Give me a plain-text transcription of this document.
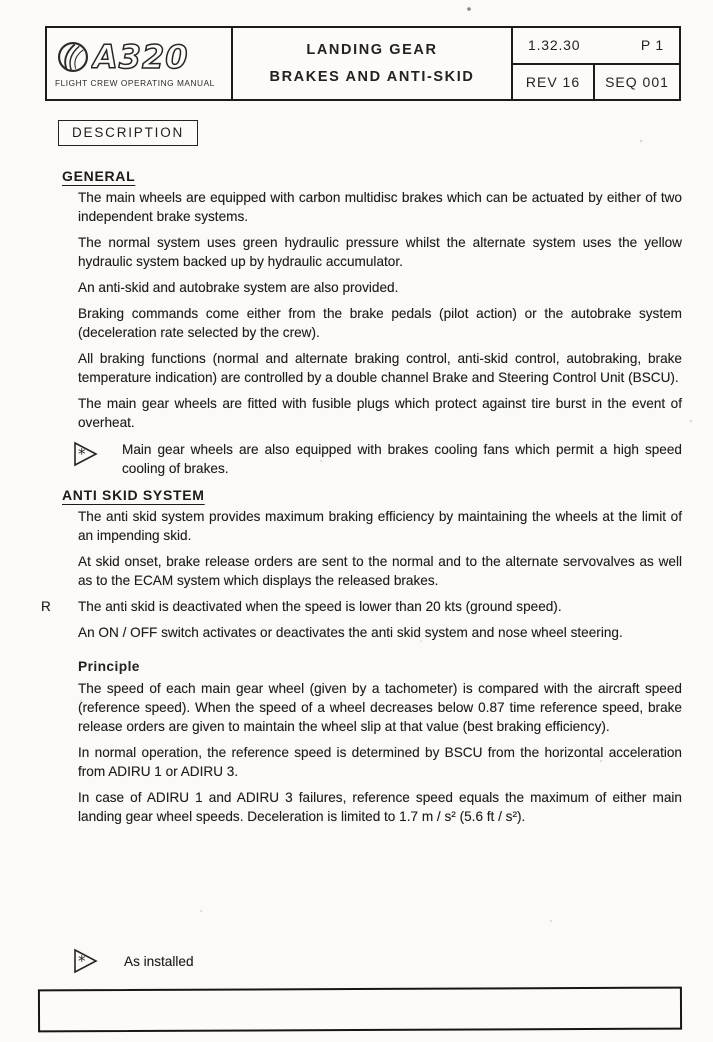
A320
FLIGHT CREW OPERATING MANUAL
LANDING GEAR
BRAKES AND ANTI-SKID
1.32.30	P 1
REV 16	SEQ 001
DESCRIPTION
GENERAL

The main wheels are equipped with carbon multidisc brakes which can be actuated by either of two independent brake systems.

The normal system uses green hydraulic pressure whilst the alternate system uses the yellow hydraulic system backed up by hydraulic accumulator.

An anti-skid and autobrake system are also provided.

Braking commands come either from the brake pedals (pilot action) or the autobrake system (deceleration rate selected by the crew).

All braking functions (normal and alternate braking control, anti-skid control, autobraking, brake temperature indication) are controlled by a double channel Brake and Steering Control Unit (BSCU).

The main gear wheels are fitted with fusible plugs which protect against tire burst in the event of overheat.

*	Main gear wheels are also equipped with brakes cooling fans which permit a high speed cooling of brakes.

ANTI SKID SYSTEM

The anti skid system provides maximum braking efficiency by maintaining the wheels at the limit of an impending skid.

At skid onset, brake release orders are sent to the normal and to the alternate servovalves as well as to the ECAM system which displays the released brakes.

R The anti skid is deactivated when the speed is lower than 20 kts (ground speed).

An ON / OFF switch activates or deactivates the anti skid system and nose wheel steering.

Principle

The speed of each main gear wheel (given by a tachometer) is compared with the aircraft speed (reference speed). When the speed of a wheel decreases below 0.87 time reference speed, brake release orders are given to maintain the wheel slip at that value (best braking efficiency).

In normal operation, the reference speed is determined by BSCU from the horizontal acceleration from ADIRU 1 or ADIRU 3.

In case of ADIRU 1 and ADIRU 3 failures, reference speed equals the maximum of either main landing gear wheel speeds. Deceleration is limited to 1.7 m / s² (5.6 ft / s²).

*	As installed
